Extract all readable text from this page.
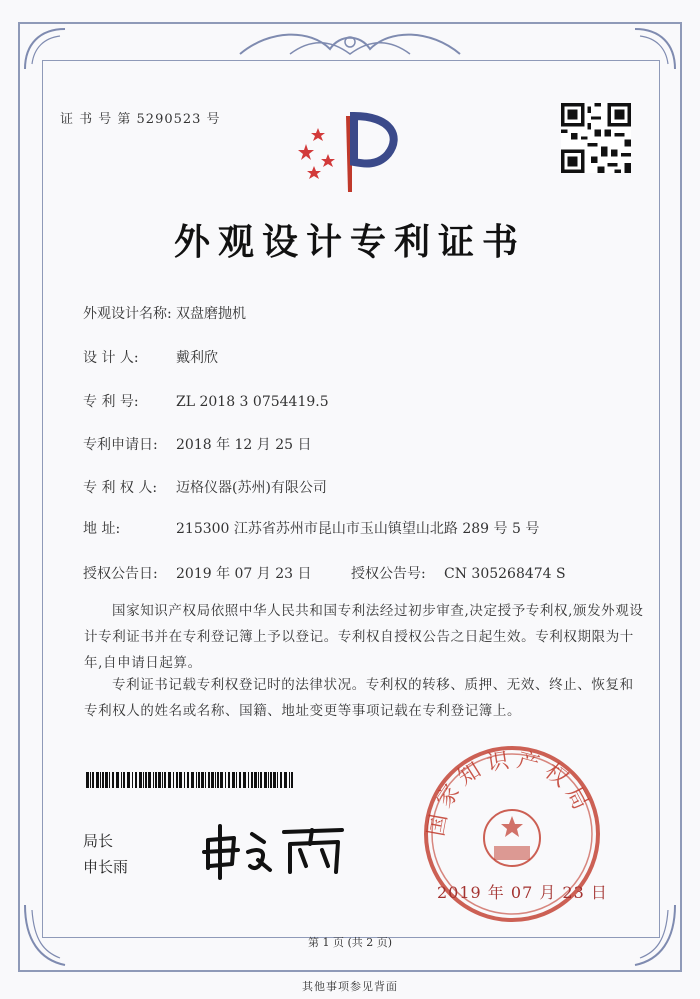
证 书 号 第 5290523 号
外观设计专利证书
外观设计名称: 双盘磨抛机
设 计 人:	戴利欣
专 利 号:	ZL 2018 3 0754419.5
专利申请日: 2018 年 12 月 25 日
专 利 权 人: 迈格仪器(苏州)有限公司
地 址:	215300 江苏省苏州市昆山市玉山镇望山北路 289 号 5 号
授权公告日: 2019 年 07 月 23 日	授权公告号: CN 305268474 S
国家知识产权局依照中华人民共和国专利法经过初步审查,决定授予专利权,颁发外观设计专利证书并在专利登记簿上予以登记。专利权自授权公告之日起生效。专利权期限为十年,自申请日起算。
专利证书记载专利权登记时的法律状况。专利权的转移、质押、无效、终止、恢复和专利权人的姓名或名称、国籍、地址变更等事项记载在专利登记簿上。
局长
申长雨
国家知识产权局
2019 年 07 月 23 日
第 1 页 (共 2 页)
其他事项参见背面
